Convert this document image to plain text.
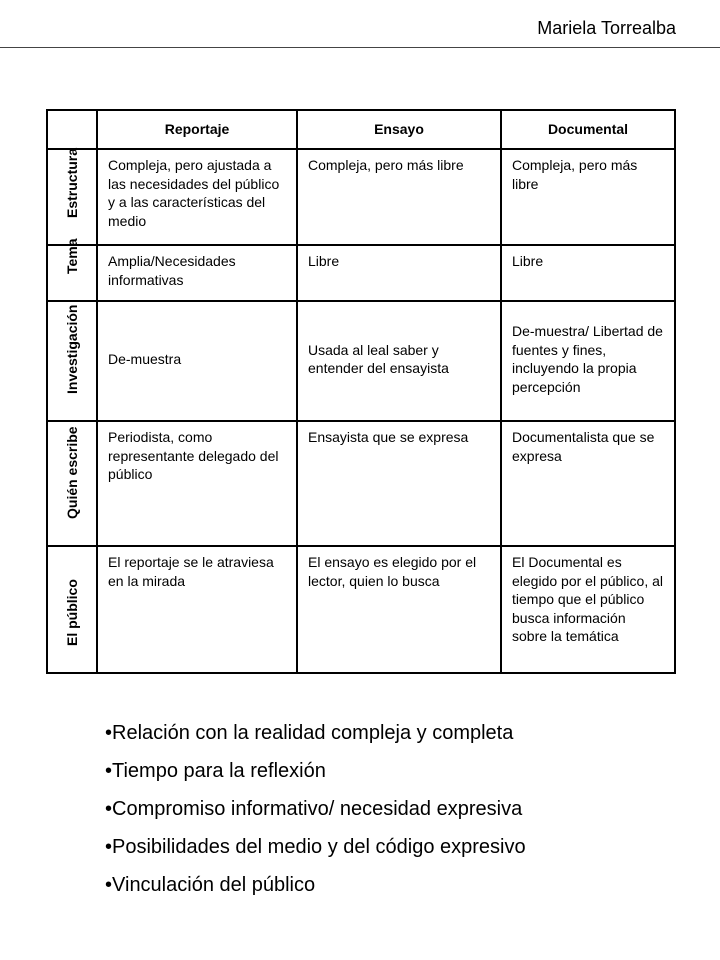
Mariela Torrealba
	Reportaje	Ensayo	Documental

Estructura	Compleja, pero ajustada a las necesidades del público y a las características del medio	Compleja, pero más libre	Compleja, pero más libre

Tema	Amplia/Necesidades informativas	Libre	Libre

Investigación	De-muestra	Usada al leal saber y entender del ensayista	De-muestra/ Libertad de fuentes y fines, incluyendo la propia percepción

Quién escribe	Periodista, como representante delegado del público	Ensayista que se expresa	Documentalista que se expresa

El público	El reportaje se le atraviesa en la mirada	El ensayo es elegido por el lector, quien lo busca	El Documental es elegido por el público, al tiempo que el público busca información sobre la temática
•Relación con la realidad compleja y completa
•Tiempo para la reflexión
•Compromiso informativo/ necesidad expresiva
•Posibilidades del medio y del código expresivo
•Vinculación del público
